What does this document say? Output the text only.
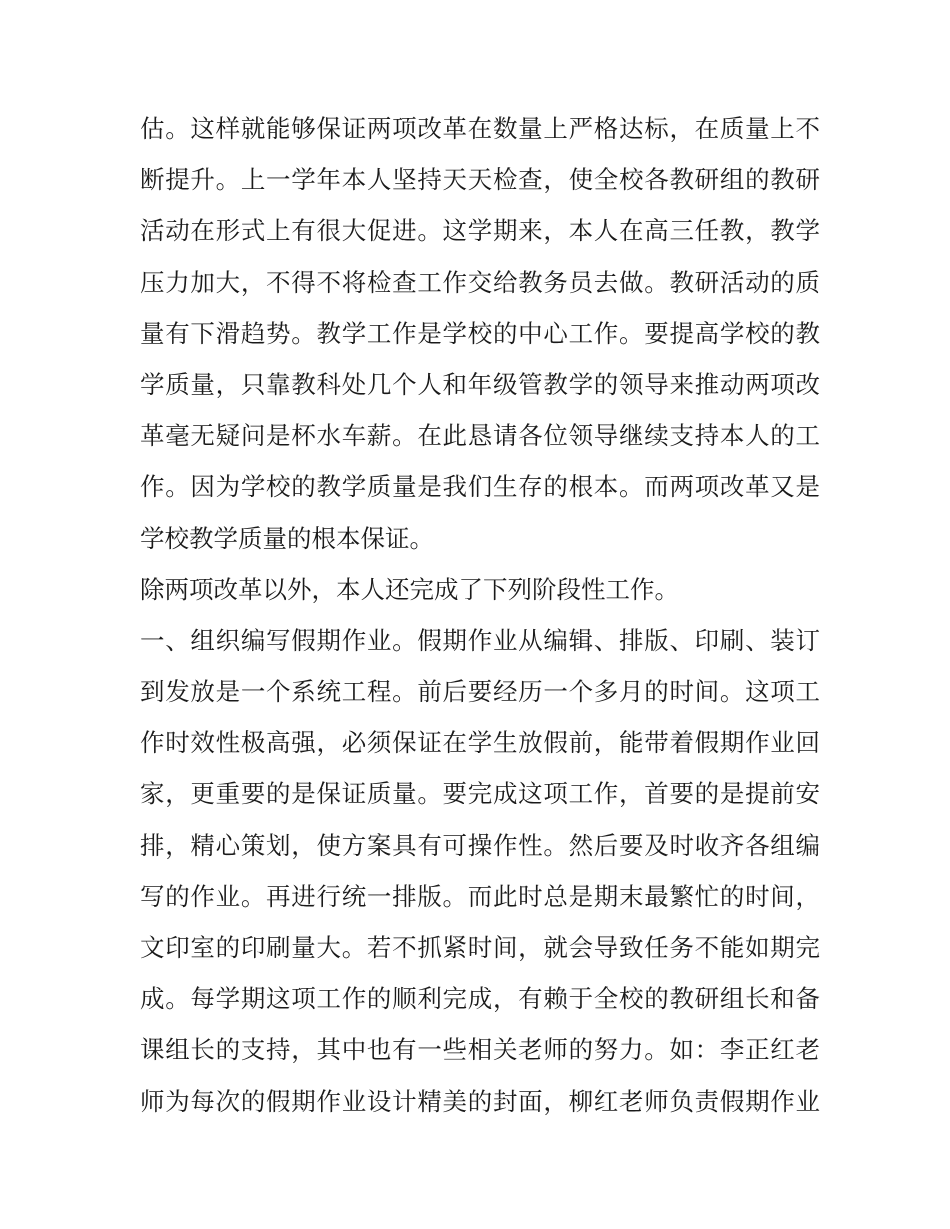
估。这样就能够保证两项改革在数量上严格达标，在质量上不
断提升。上一学年本人坚持天天检查，使全校各教研组的教研
活动在形式上有很大促进。这学期来，本人在高三任教，教学
压力加大，不得不将检查工作交给教务员去做。教研活动的质
量有下滑趋势。教学工作是学校的中心工作。要提高学校的教
学质量，只靠教科处几个人和年级管教学的领导来推动两项改
革毫无疑问是杯水车薪。在此恳请各位领导继续支持本人的工
作。因为学校的教学质量是我们生存的根本。而两项改革又是
学校教学质量的根本保证。
除两项改革以外，本人还完成了下列阶段性工作。
一、组织编写假期作业。假期作业从编辑、排版、印刷、装订
到发放是一个系统工程。前后要经历一个多月的时间。这项工
作时效性极高强，必须保证在学生放假前，能带着假期作业回
家，更重要的是保证质量。要完成这项工作，首要的是提前安
排，精心策划，使方案具有可操作性。然后要及时收齐各组编
写的作业。再进行统一排版。而此时总是期末最繁忙的时间，
文印室的印刷量大。若不抓紧时间，就会导致任务不能如期完
成。每学期这项工作的顺利完成，有赖于全校的教研组长和备
课组长的支持，其中也有一些相关老师的努力。如：李正红老
师为每次的假期作业设计精美的封面，柳红老师负责假期作业
